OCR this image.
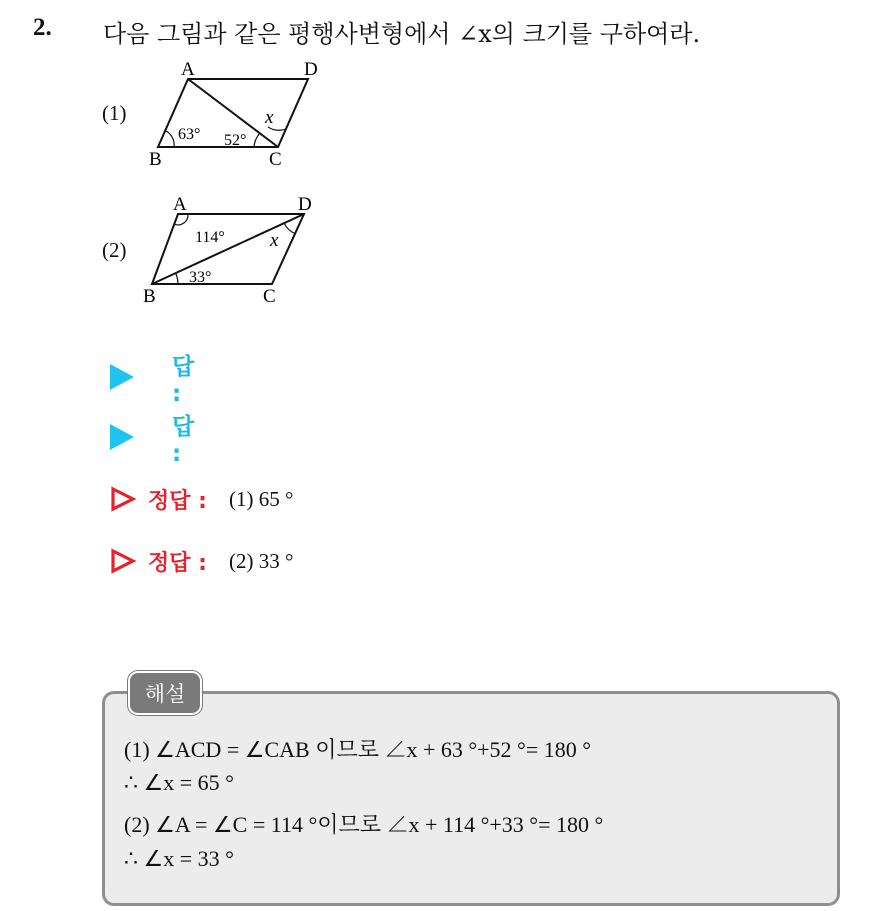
2. 다음 그림과 같은 평행사변형에서 ∠x의 크기를 구하여라.
(1)
A
B	C
D
63° 52°
x
(2)
A
B	C
D
114°
33°
x
답 :
답 :
정답 : (1) 65 °
정답 : (2) 33 °
해설
(1) ∠ACD = ∠CAB 이므로 ∠x + 63 °+52 °= 180 °
∴ ∠x = 65 °
(2) ∠A = ∠C = 114 °이므로 ∠x + 114 °+33 °= 180 °
∴ ∠x = 33 °
